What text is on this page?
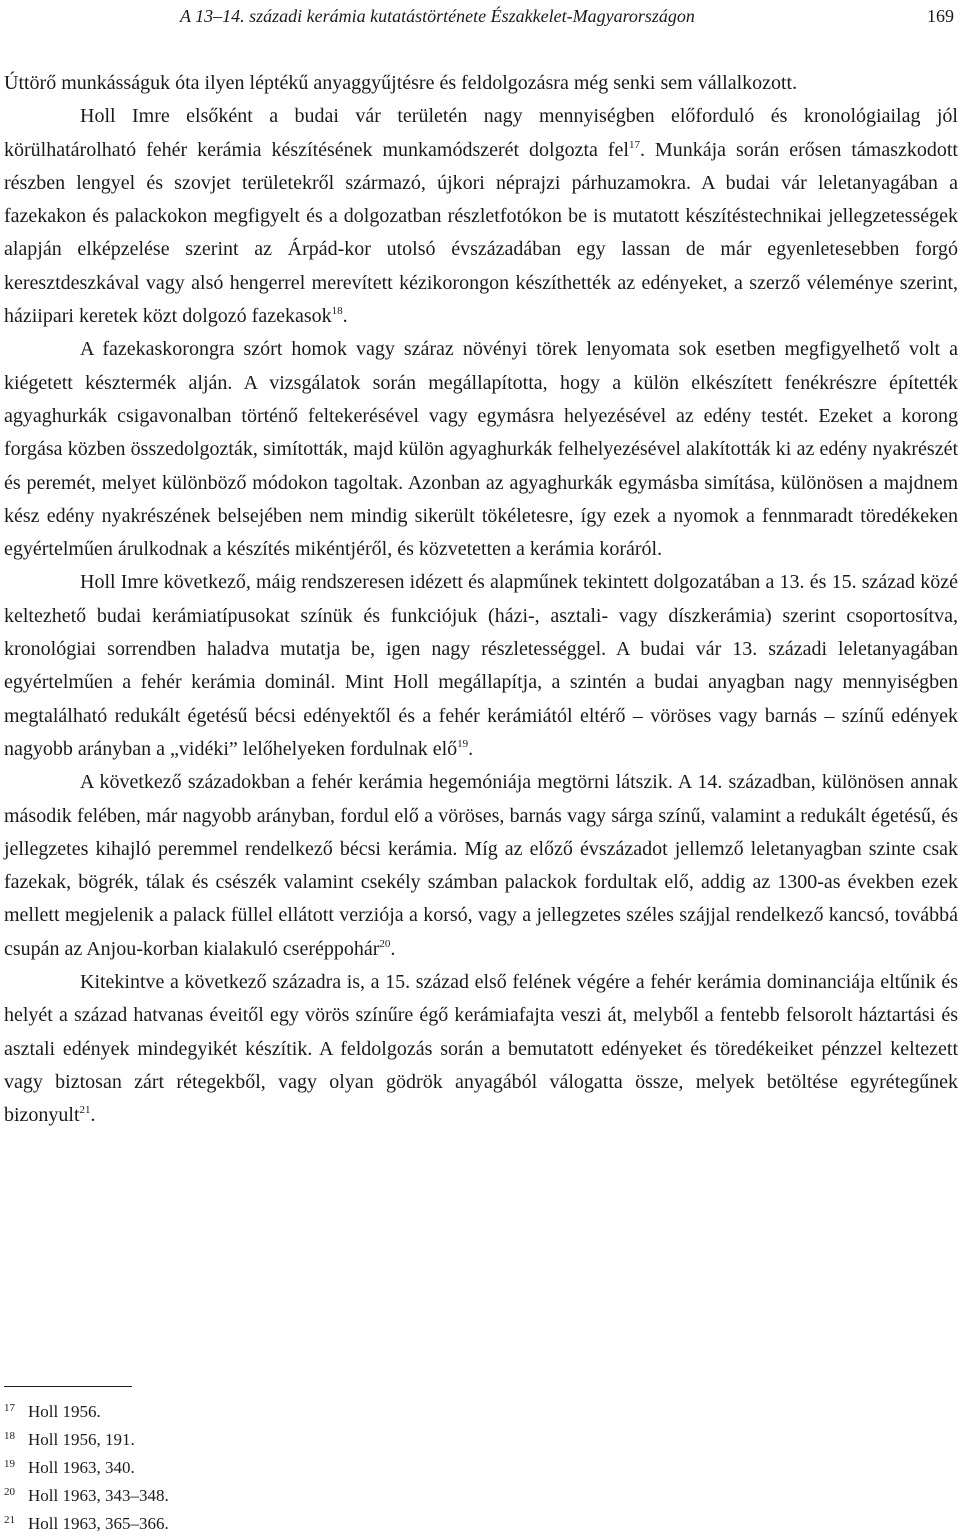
A 13–14. századi kerámia kutatástörténete Északkelet-Magyarországon	169

Úttörő munkásságuk óta ilyen léptékű anyaggyűjtésre és feldolgozásra még senki sem vállalkozott.

Holl Imre elsőként a budai vár területén nagy mennyiségben előforduló és kronológiailag jól körülhatárolható fehér kerámia készítésének munkamódszerét dolgozta fel$^{17}$. Munkája során erősen támaszkodott részben lengyel és szovjet területekről származó, újkori néprajzi párhuzamokra. A budai vár leletanyagában a fazekakon és palackokon megfigyelt és a dolgozatban részletfotókon be is mutatott készítéstechnikai jellegzetességek alapján elképzelése szerint az Árpád-kor utolsó évszázadában egy lassan de már egyenletesebben forgó keresztdeszkával vagy alsó hengerrel merevített kézikorongon készíthették az edényeket, a szerző véleménye szerint, háziipari keretek közt dolgozó fazekasok$^{18}$.

A fazekaskorongra szórt homok vagy száraz növényi törek lenyomata sok esetben megfigyelhető volt a kiégetett késztermék alján. A vizsgálatok során megállapította, hogy a külön elkészített fenékrészre építették agyaghurkák csigavonalban történő feltekerésével vagy egymásra helyezésével az edény testét. Ezeket a korong forgása közben összedolgozták, simították, majd külön agyaghurkák felhelyezésével alakították ki az edény nyakrészét és peremét, melyet különböző módokon tagoltak. Azonban az agyaghurkák egymásba simítása, különösen a majdnem kész edény nyakrészének belsejében nem mindig sikerült tökéletesre, így ezek a nyomok a fennmaradt töredékeken egyértelműen árulkodnak a készítés mikéntjéről, és közvetetten a kerámia koráról.

Holl Imre következő, máig rendszeresen idézett és alapműnek tekintett dolgozatában a 13. és 15. század közé keltezhető budai kerámiatípusokat színük és funkciójuk (házi-, asztali- vagy díszkerámia) szerint csoportosítva, kronológiai sorrendben haladva mutatja be, igen nagy részletességgel. A budai vár 13. századi leletanyagában egyértelműen a fehér kerámia dominál. Mint Holl megállapítja, a szintén a budai anyagban nagy mennyiségben megtalálható redukált égetésű bécsi edényektől és a fehér kerámiától eltérő – vöröses vagy barnás – színű edények nagyobb arányban a „vidéki” lelőhelyeken fordulnak elő$^{19}$.

A következő századokban a fehér kerámia hegemóniája megtörni látszik. A 14. században, különösen annak második felében, már nagyobb arányban, fordul elő a vöröses, barnás vagy sárga színű, valamint a redukált égetésű, és jellegzetes kihajló peremmel rendelkező bécsi kerámia. Míg az előző évszázadot jellemző leletanyagban szinte csak fazekak, bögrék, tálak és csészék valamint csekély számban palackok fordultak elő, addig az 1300-as években ezek mellett megjelenik a palack füllel ellátott verziója a korsó, vagy a jellegzetes széles szájjal rendelkező kancsó, továbbá csupán az Anjou-korban kialakuló cseréppohár$^{20}$.

Kitekintve a következő századra is, a 15. század első felének végére a fehér kerámia dominanciája eltűnik és helyét a század hatvanas éveitől egy vörös színűre égő kerámiafajta veszi át, melyből a fentebb felsorolt háztartási és asztali edények mindegyikét készítik. A feldolgozás során a bemutatott edényeket és töredékeiket pénzzel keltezett vagy biztosan zárt rétegekből, vagy olyan gödrök anyagából válogatta össze, melyek betöltése egyrétegűnek bizonyult$^{21}$.

17 Holl 1956.
18 Holl 1956, 191.
19 Holl 1963, 340.
20 Holl 1963, 343–348.
21 Holl 1963, 365–366.
